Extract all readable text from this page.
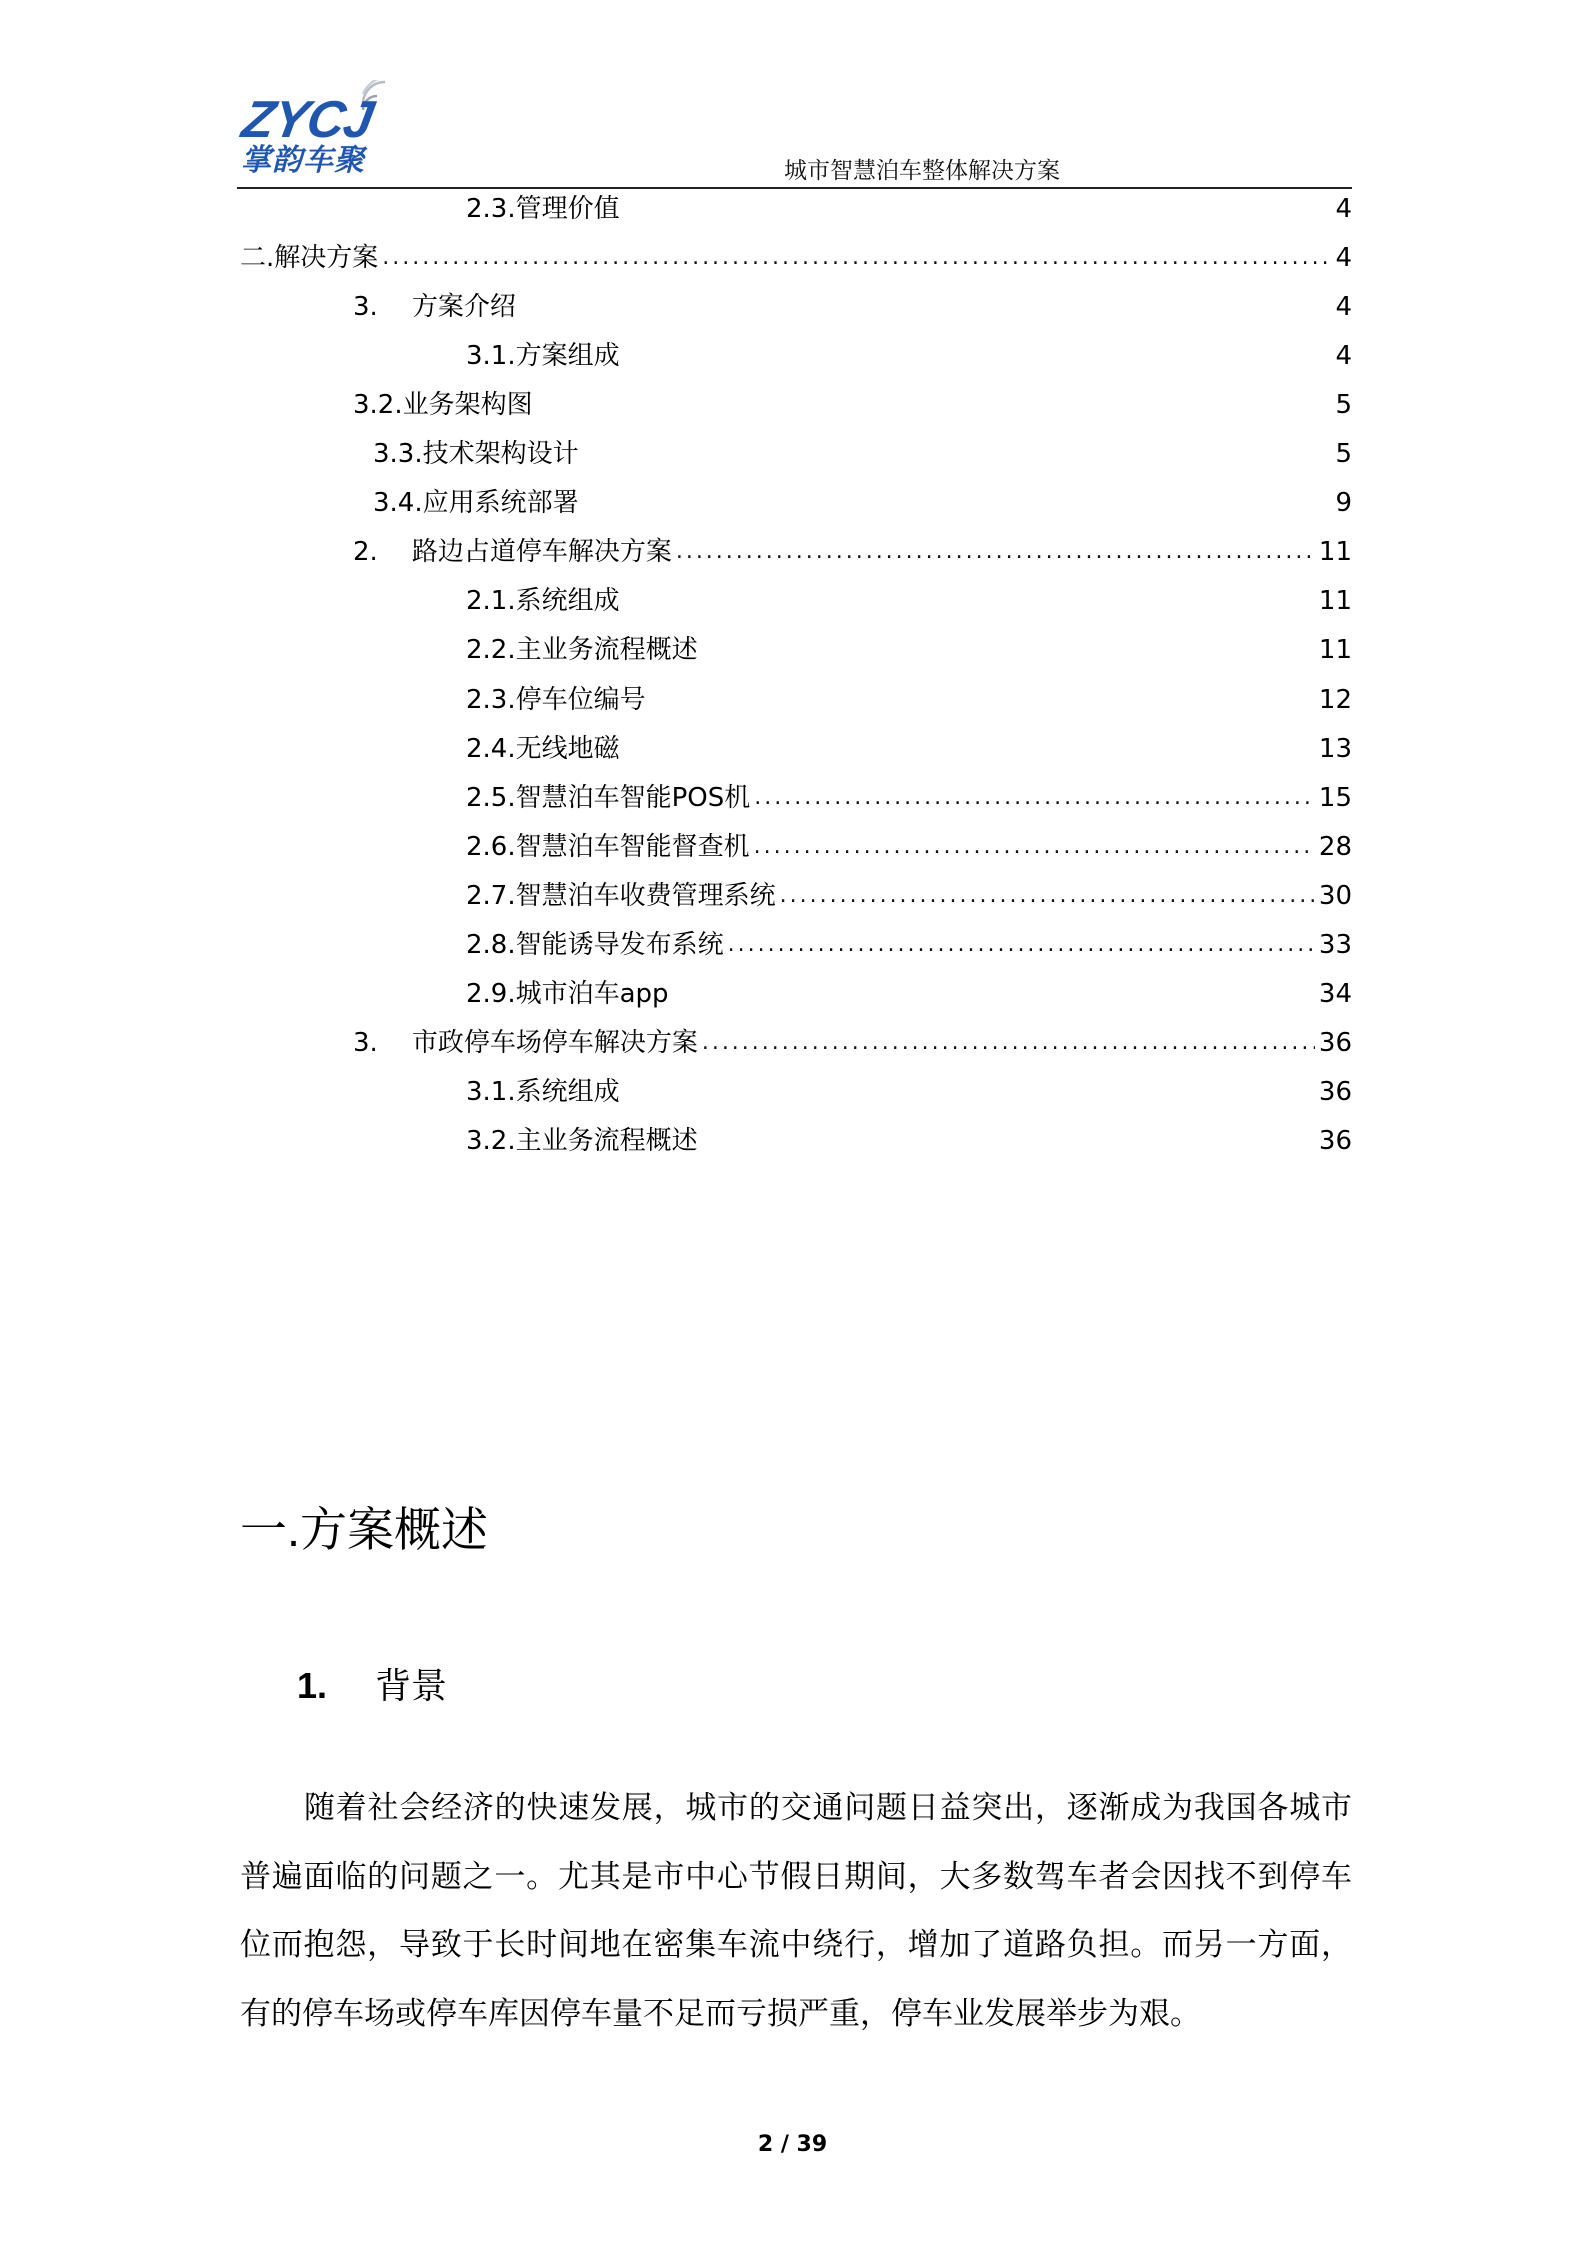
ZYCJ
掌韵车聚	城市智慧泊车整体解决方案
2.3. 管理价值	4
二. 解决方案 .....	4
3. 方案介绍	4
3.1. 方案组成	4
3.2. 业务架构图	5
3.3. 技术架构设计	5
3.4. 应用系统部署	9
2. 路边占道停车解决方案 .....	11
2.1. 系统组成	11
2.2. 主业务流程概述	11
2.3. 停车位编号	12
2.4. 无线地磁	13
2.5. 智慧泊车智能POS机 .....	15
2.6. 智慧泊车智能督查机 .....	28
2.7. 智慧泊车收费管理系统 .....	30
2.8. 智能诱导发布系统 .....	33
2.9. 城市泊车app	34
3. 市政停车场停车解决方案 .....	36
3.1. 系统组成	36
3.2. 主业务流程概述	36
一.方案概述
1.	背景
随着社会经济的快速发展，城市的交通问题日益突出，逐渐成为我国各城市普遍面临的问题之一。尤其是市中心节假日期间，大多数驾车者会因找不到停车位而抱怨，导致于长时间地在密集车流中绕行，增加了道路负担。而另一方面，有的停车场或停车库因停车量不足而亏损严重，停车业发展举步为艰。
2 / 39
